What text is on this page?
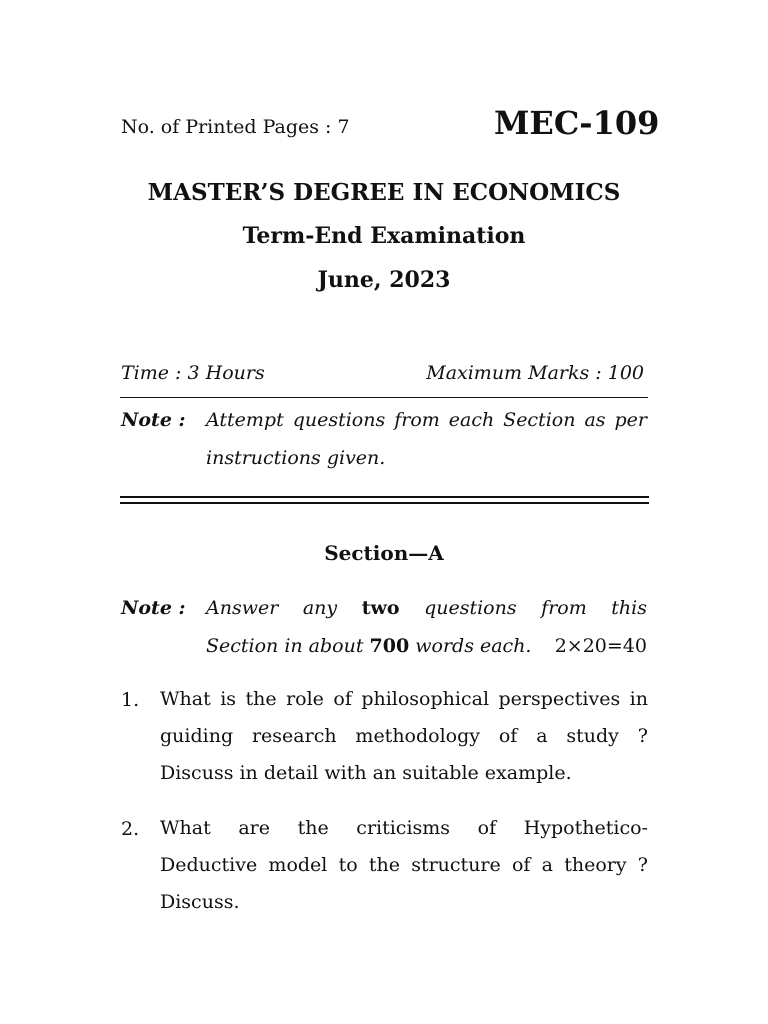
No. of Printed Pages : 7	MEC-109
MASTER’S DEGREE IN ECONOMICS
Term-End Examination
June, 2023
Time : 3 Hours	Maximum Marks : 100
Note : Attempt questions from each Section as per
instructions given.
Section—A
Note : Answer any two questions from this
Section in about 700 words each. 2×20=40
1. What is the role of philosophical perspectives in
guiding research methodology of a study ?
Discuss in detail with an suitable example.
2. What are the criticisms of Hypothetico-
Deductive model to the structure of a theory ?
Discuss.
